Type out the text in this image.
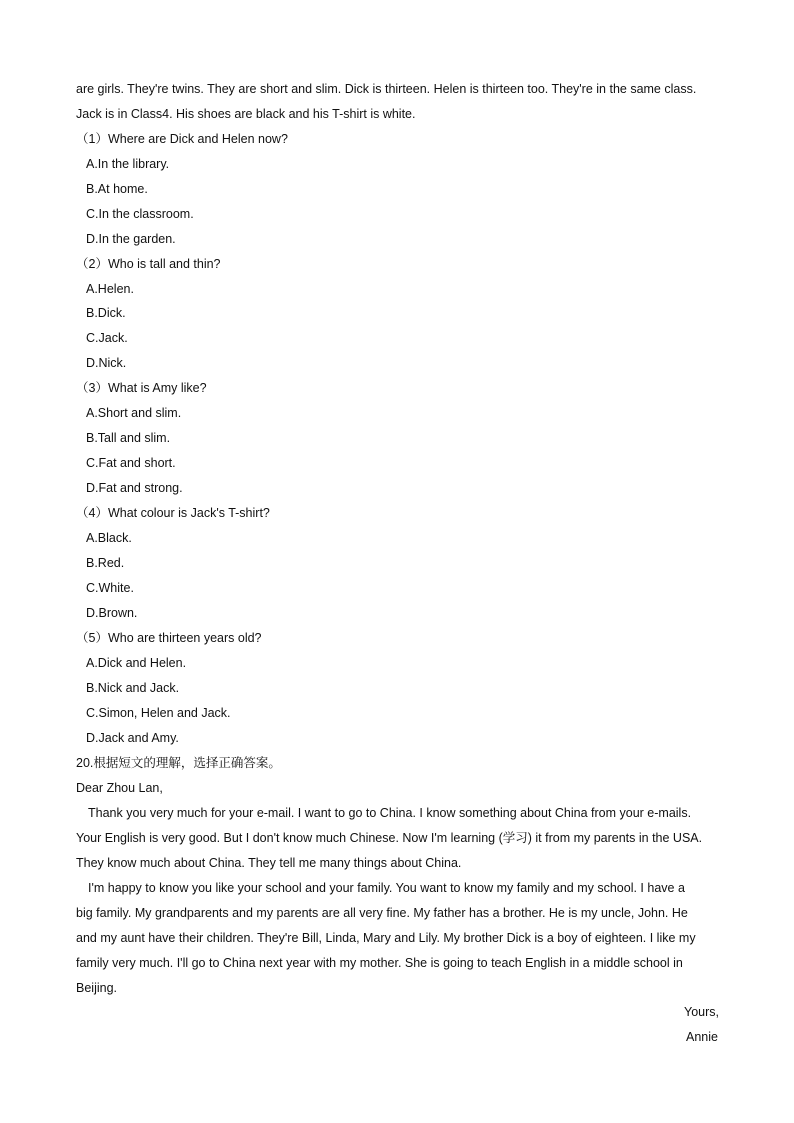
are girls. They're twins. They are short and slim. Dick is thirteen. Helen is thirteen too. They're in the same class.
Jack is in Class4. His shoes are black and his T-shirt is white.
（1）Where are Dick and Helen now?
A.In the library.
B.At home.
C.In the classroom.
D.In the garden.
（2）Who is tall and thin?
A.Helen.
B.Dick.
C.Jack.
D.Nick.
（3）What is Amy like?
A.Short and slim.
B.Tall and slim.
C.Fat and short.
D.Fat and strong.
（4）What colour is Jack's T-shirt?
A.Black.
B.Red.
C.White.
D.Brown.
（5）Who are thirteen years old?
A.Dick and Helen.
B.Nick and Jack.
C.Simon, Helen and Jack.
D.Jack and Amy.
20.根据短文的理解，选择正确答案。
Dear Zhou Lan,
Thank you very much for your e-mail. I want to go to China. I know something about China from your e-mails.
Your English is very good. But I don't know much Chinese. Now I'm learning (学习) it from my parents in the USA.
They know much about China. They tell me many things about China.
I'm happy to know you like your school and your family. You want to know my family and my school. I have a
big family. My grandparents and my parents are all very fine. My father has a brother. He is my uncle, John. He
and my aunt have their children. They're Bill, Linda, Mary and Lily. My brother Dick is a boy of eighteen. I like my
family very much. I'll go to China next year with my mother. She is going to teach English in a middle school in
Beijing.
Yours,
Annie
